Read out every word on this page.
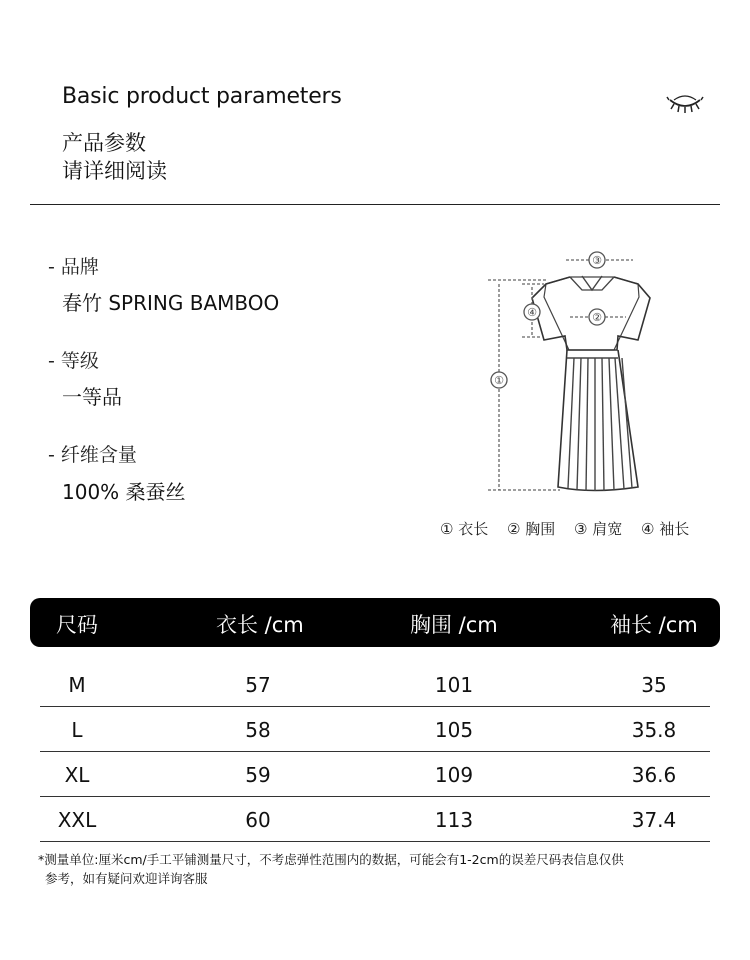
Basic product parameters
产品参数
请详细阅读
- 品牌
春竹 SPRING BAMBOO
- 等级
一等品
- 纤维含量
100% 桑蚕丝
①
②
③
④
① 衣长 ② 胸围 ③ 肩宽 ④ 袖长
尺码	衣长 /cm	胸围 /cm	袖长 /cm
M	57	101	35
L	58	105	35.8
XL	59	109	36.6
XXL	60	113	37.4
*测量单位:厘米cm/手工平铺测量尺寸，不考虑弹性范围内的数据，可能会有1-2cm的误差尺码表信息仅供
参考，如有疑问欢迎详询客服
